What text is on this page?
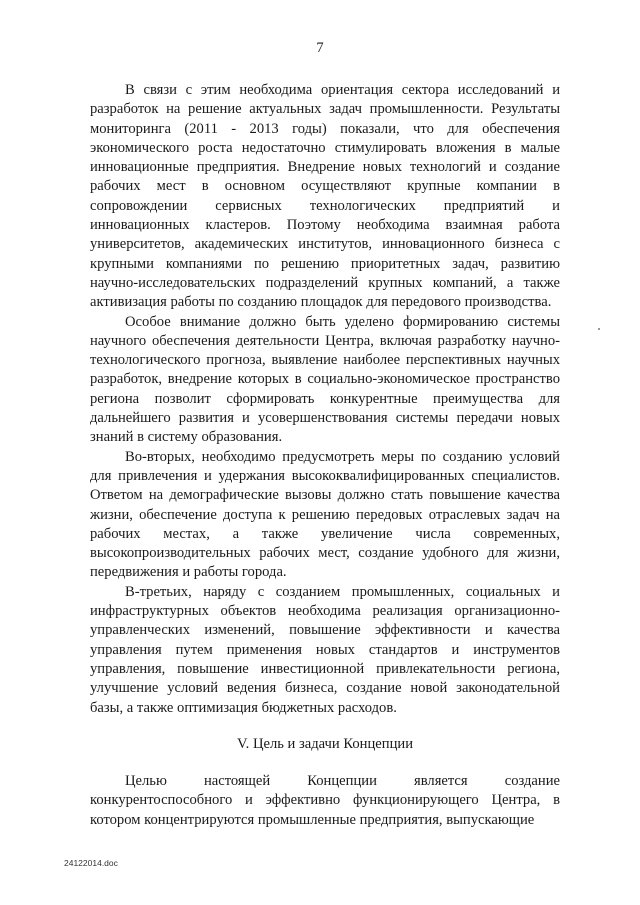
7

В связи с этим необходима ориентация сектора исследований и разработок на решение актуальных задач промышленности. Результаты мониторинга (2011 - 2013 годы) показали, что для обеспечения экономического роста недостаточно стимулировать вложения в малые инновационные предприятия. Внедрение новых технологий и создание рабочих мест в основном осуществляют крупные компании в сопровождении сервисных технологических предприятий и инновационных кластеров. Поэтому необходима взаимная работа университетов, академических институтов, инновационного бизнеса с крупными компаниями по решению приоритетных задач, развитию научно-исследовательских подразделений крупных компаний, а также активизация работы по созданию площадок для передового производства.

Особое внимание должно быть уделено формированию системы научного обеспечения деятельности Центра, включая разработку научно-технологического прогноза, выявление наиболее перспективных научных разработок, внедрение которых в социально-экономическое пространство региона позволит сформировать конкурентные преимущества для дальнейшего развития и усовершенствования системы передачи новых знаний в систему образования.

Во-вторых, необходимо предусмотреть меры по созданию условий для привлечения и удержания высококвалифицированных специалистов. Ответом на демографические вызовы должно стать повышение качества жизни, обеспечение доступа к решению передовых отраслевых задач на рабочих местах, а также увеличение числа современных, высокопроизводительных рабочих мест, создание удобного для жизни, передвижения и работы города.

В-третьих, наряду с созданием промышленных, социальных и инфраструктурных объектов необходима реализация организационно-управленческих изменений, повышение эффективности и качества управления путем применения новых стандартов и инструментов управления, повышение инвестиционной привлекательности региона, улучшение условий ведения бизнеса, создание новой законодательной базы, а также оптимизация бюджетных расходов.

V. Цель и задачи Концепции

Целью настоящей Концепции является создание конкурентоспособного и эффективно функционирующего Центра, в котором концентрируются промышленные предприятия, выпускающие

24122014.doc
